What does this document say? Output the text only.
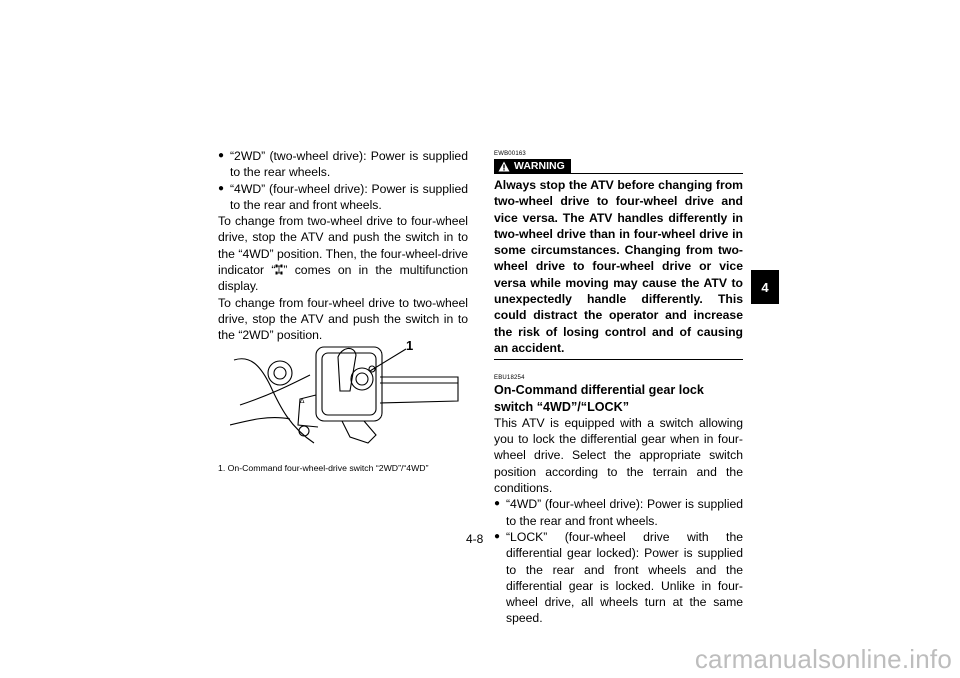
● “2WD” (two-wheel drive): Power is supplied to the rear wheels.
● “4WD” (four-wheel drive): Power is supplied to the rear and front wheels.
To change from two-wheel drive to four-wheel drive, stop the ATV and push the switch in to the “4WD” position. Then, the four-wheel-drive indicator “ ” comes on in the multifunction display.
To change from four-wheel drive to two-wheel drive, stop the ATV and push the switch in to the “2WD” position.
∆
1
1. On-Command four-wheel-drive switch “2WD”/“4WD”
EWB00163
WARNING
Always stop the ATV before changing from two-wheel drive to four-wheel drive and vice versa. The ATV handles differently in two-wheel drive than in four-wheel drive in some circumstances. Changing from two-wheel drive to four-wheel drive or vice versa while moving may cause the ATV to unexpectedly handle differently. This could distract the operator and increase the risk of losing control and of causing an accident.
EBU18254
On-Command differential gear lock switch “4WD”/“LOCK”
This ATV is equipped with a switch allowing you to lock the differential gear when in four-wheel drive. Select the appropriate switch position according to the terrain and the conditions.
● “4WD” (four-wheel drive): Power is supplied to the rear and front wheels.
● “LOCK” (four-wheel drive with the differential gear locked): Power is supplied to the rear and front wheels and the differential gear is locked. Unlike in four-wheel drive, all wheels turn at the same speed.
4
4-8
carmanualsonline.info
